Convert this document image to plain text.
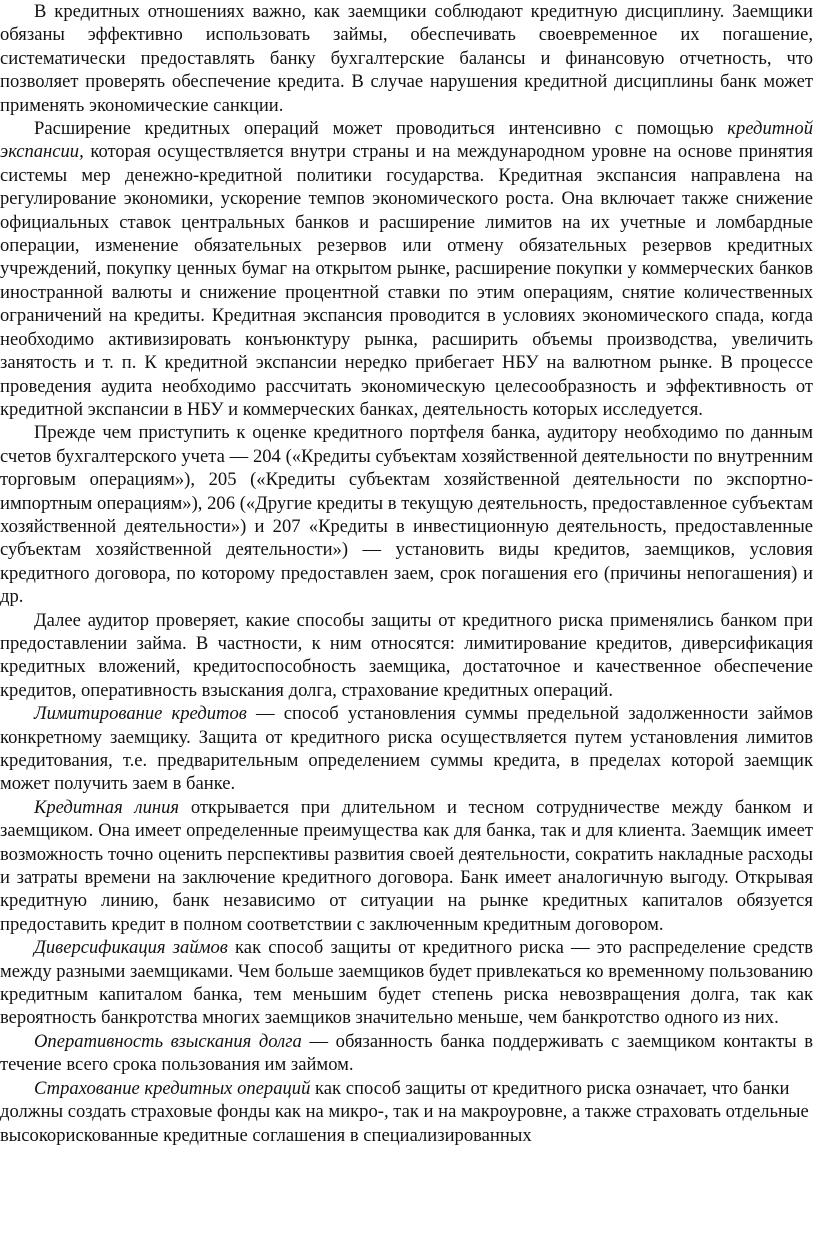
В кредитных отношениях важно, как заемщики соблюдают кредитную дисциплину. Заемщики обязаны эффективно использовать займы, обеспечивать своевременное их погашение, систематически предоставлять банку бухгалтерские балансы и финансовую отчетность, что позволяет проверять обеспечение кредита. В случае нарушения кредитной дисциплины банк может применять экономические санкции.

Расширение кредитных операций может проводиться интенсивно с помощью кредитной экспансии, которая осуществляется внутри страны и на международном уровне на основе принятия системы мер денежно-кредитной политики государства. Кредитная экспансия направлена на регулирование экономики, ускорение темпов экономического роста. Она включает также снижение официальных ставок центральных банков и расширение лимитов на их учетные и ломбардные операции, изменение обязательных резервов или отмену обязательных резервов кредитных учреждений, покупку ценных бумаг на открытом рынке, расширение покупки у коммерческих банков иностранной валюты и снижение процентной ставки по этим операциям, снятие количественных ограничений на кредиты. Кредитная экспансия проводится в условиях экономического спада, когда необходимо активизировать конъюнктуру рынка, расширить объемы производства, увеличить занятость и т. п. К кредитной экспансии нередко прибегает НБУ на валютном рынке. В процессе проведения аудита необходимо рассчитать экономическую целесообразность и эффективность от кредитной экспансии в НБУ и коммерческих банках, деятельность которых исследуется.

Прежде чем приступить к оценке кредитного портфеля банка, аудитору необходимо по данным счетов бухгалтерского учета — 204 («Кредиты субъектам хозяйственной деятельности по внутренним торговым операциям»), 205 («Кредиты субъектам хозяйственной деятельности по экспортно-импортным операциям»), 206 («Другие кредиты в текущую деятельность, предоставленное субъектам хозяйственной деятельности») и 207 «Кредиты в инвестиционную деятельность, предоставленные субъектам хозяйственной деятельности») — установить виды кредитов, заемщиков, условия кредитного договора, по которому предоставлен заем, срок погашения его (причины непогашения) и др.

Далее аудитор проверяет, какие способы защиты от кредитного риска применялись банком при предоставлении займа. В частности, к ним относятся: лимитирование кредитов, диверсификация кредитных вложений, кредитоспособность заемщика, достаточное и качественное обеспечение кредитов, оперативность взыскания долга, страхование кредитных операций.

Лимитирование кредитов — способ установления суммы предельной задолженности займов конкретному заемщику. Защита от кредитного риска осуществляется путем установления лимитов кредитования, т.е. предварительным определением суммы кредита, в пределах которой заемщик может получить заем в банке.

Кредитная линия открывается при длительном и тесном сотрудничестве между банком и заемщиком. Она имеет определенные преимущества как для банка, так и для клиента. Заемщик имеет возможность точно оценить перспективы развития своей деятельности, сократить накладные расходы и затраты времени на заключение кредитного договора. Банк имеет аналогичную выгоду. Открывая кредитную линию, банк независимо от ситуации на рынке кредитных капиталов обязуется предоставить кредит в полном соответствии с заключенным кредитным договором.

Диверсификация займов как способ защиты от кредитного риска — это распределение средств между разными заемщиками. Чем больше заемщиков будет привлекаться ко временному пользованию кредитным капиталом банка, тем меньшим будет степень риска невозвращения долга, так как вероятность банкротства многих заемщиков значительно меньше, чем банкротство одного из них.

Оперативность взыскания долга — обязанность банка поддерживать с заемщиком контакты в течение всего срока пользования им займом.

Страхование кредитных операций как способ защиты от кредитного риска означает, что банки должны создать страховые фонды как на микро-, так и на макроуровне, а также страховать отдельные высокорискованные кредитные соглашения в специализированных
